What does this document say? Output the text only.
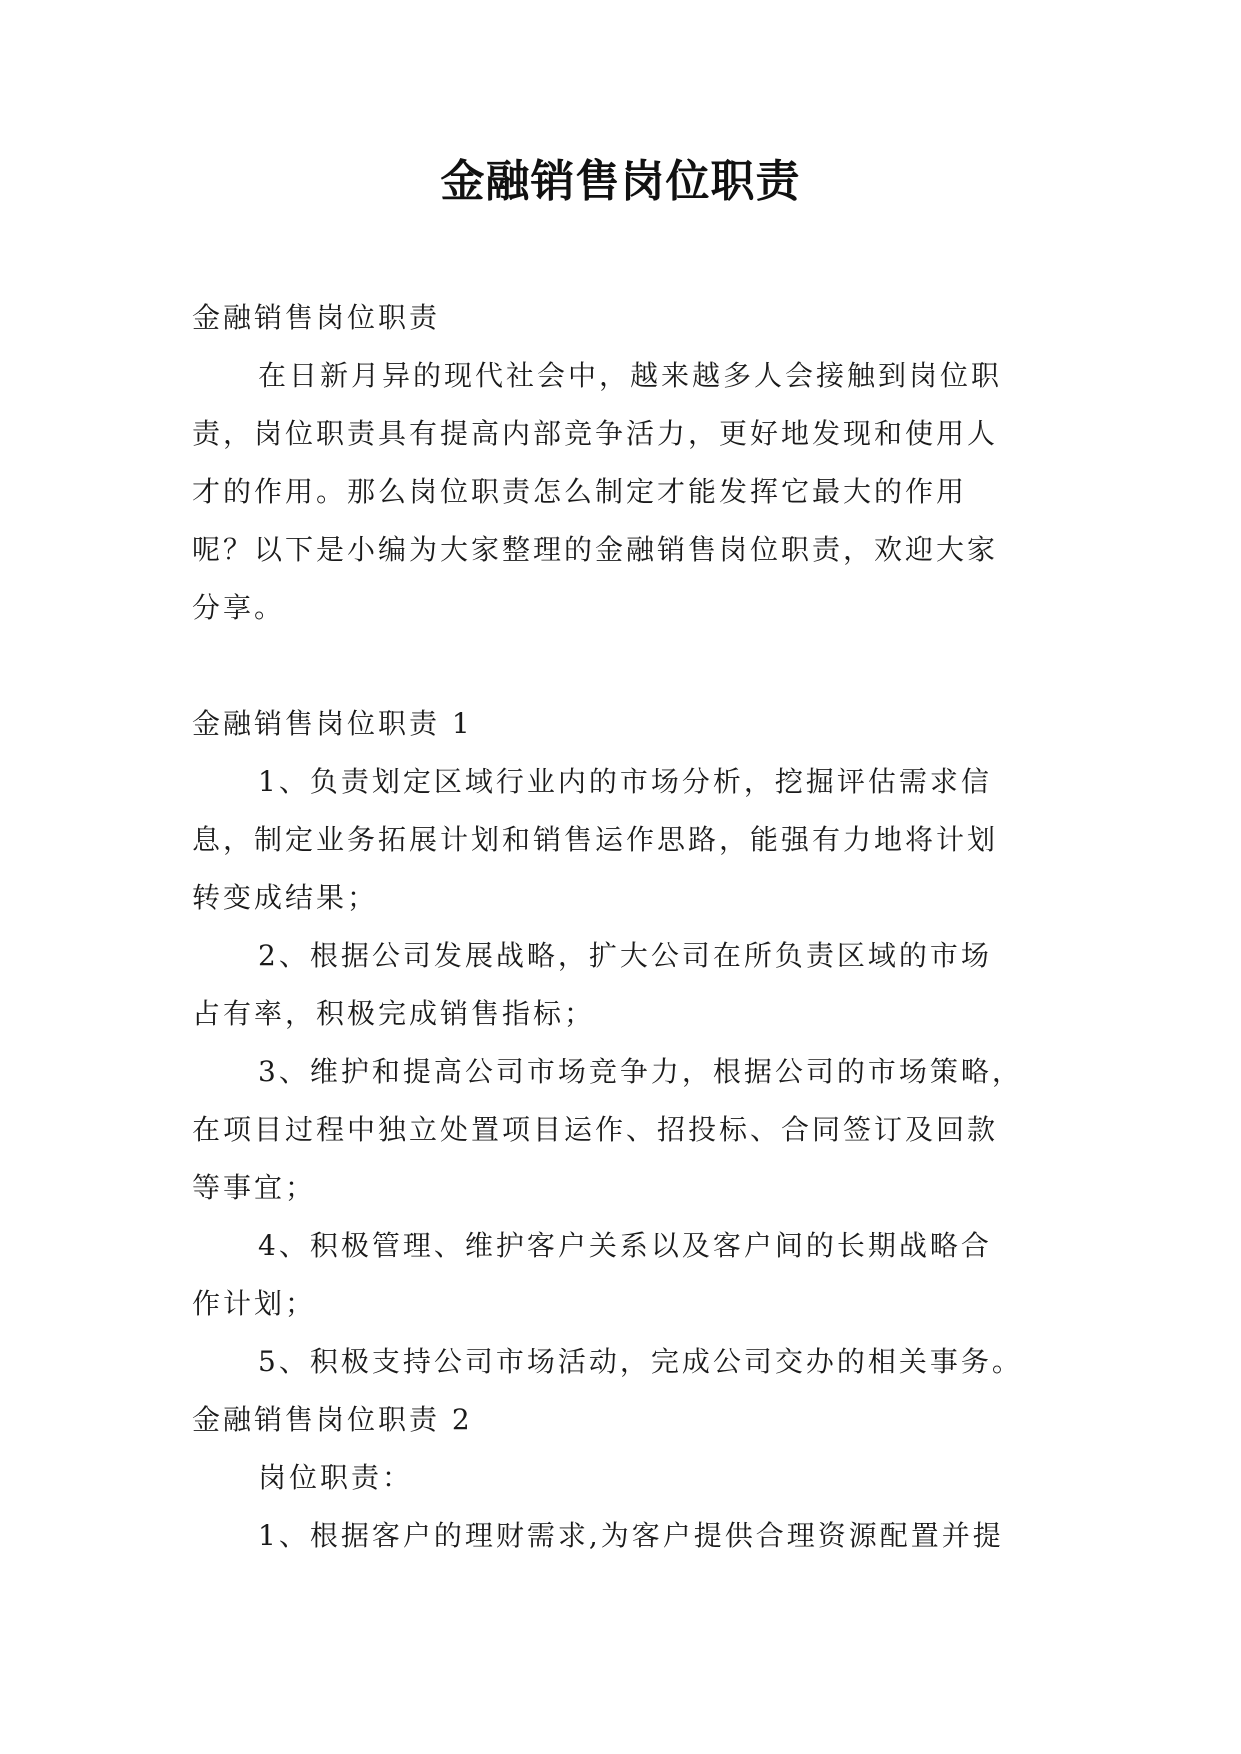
金融销售岗位职责

金融销售岗位职责

在日新月异的现代社会中，越来越多人会接触到岗位职

责，岗位职责具有提高内部竞争活力，更好地发现和使用人

才的作用。那么岗位职责怎么制定才能发挥它最大的作用

呢？以下是小编为大家整理的金融销售岗位职责，欢迎大家

分享。

金融销售岗位职责 1

1、负责划定区域行业内的市场分析，挖掘评估需求信

息，制定业务拓展计划和销售运作思路，能强有力地将计划

转变成结果；

2、根据公司发展战略，扩大公司在所负责区域的市场

占有率，积极完成销售指标；

3、维护和提高公司市场竞争力，根据公司的市场策略，

在项目过程中独立处置项目运作、招投标、合同签订及回款

等事宜；

4、积极管理、维护客户关系以及客户间的长期战略合

作计划；

5、积极支持公司市场活动，完成公司交办的相关事务。

金融销售岗位职责 2

岗位职责：

1、根据客户的理财需求,为客户提供合理资源配置并提
